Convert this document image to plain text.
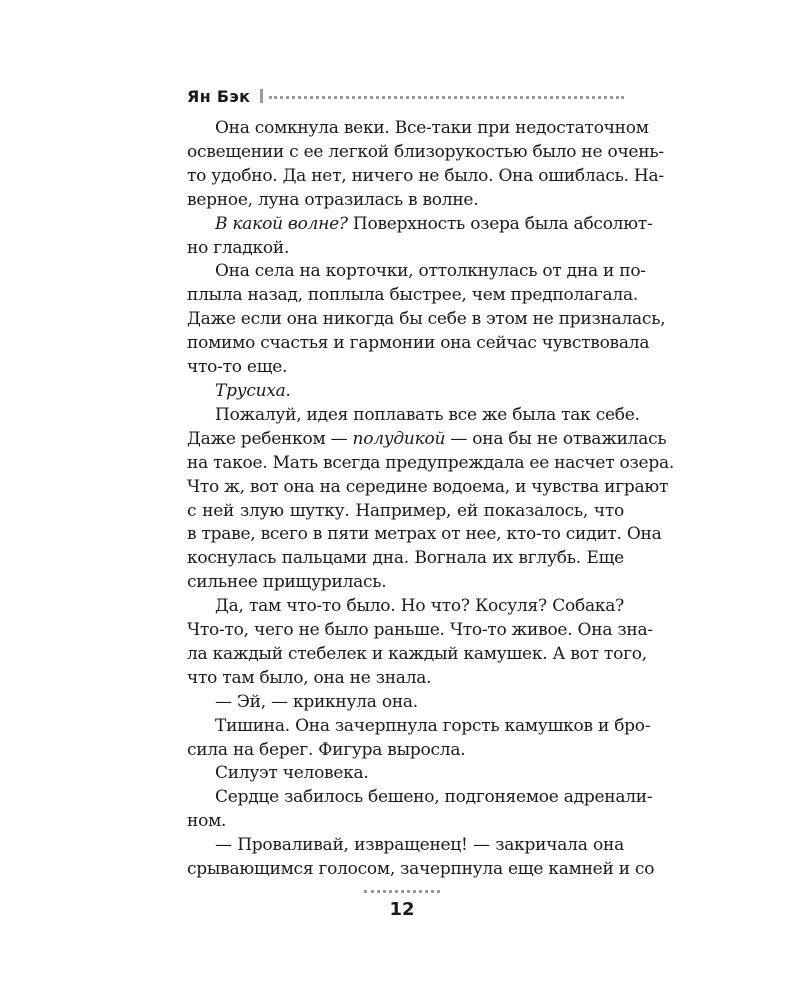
Ян Бэк
Она сомкнула веки. Все-таки при недостаточном
освещении с ее легкой близорукостью было не очень-
то удобно. Да нет, ничего не было. Она ошиблась. На-
верное, луна отразилась в волне.
В какой волне? Поверхность озера была абсолют-
но гладкой.
Она села на корточки, оттолкнулась от дна и по-
плыла назад, поплыла быстрее, чем предполагала.
Даже если она никогда бы себе в этом не призналась,
помимо счастья и гармонии она сейчас чувствовала
что-то еще.
Трусиха.
Пожалуй, идея поплавать все же была так себе.
Даже ребенком — полудикой — она бы не отважилась
на такое. Мать всегда предупреждала ее насчет озера.
Что ж, вот она на середине водоема, и чувства играют
с ней злую шутку. Например, ей показалось, что
в траве, всего в пяти метрах от нее, кто-то сидит. Она
коснулась пальцами дна. Вогнала их вглубь. Еще
сильнее прищурилась.
Да, там что-то было. Но что? Косуля? Собака?
Что-то, чего не было раньше. Что-то живое. Она зна-
ла каждый стебелек и каждый камушек. А вот того,
что там было, она не знала.
— Эй, — крикнула она.
Тишина. Она зачерпнула горсть камушков и бро-
сила на берег. Фигура выросла.
Силуэт человека.
Сердце забилось бешено, подгоняемое адренали-
ном.
— Проваливай, извращенец! — закричала она
срывающимся голосом, зачерпнула еще камней и со
12
